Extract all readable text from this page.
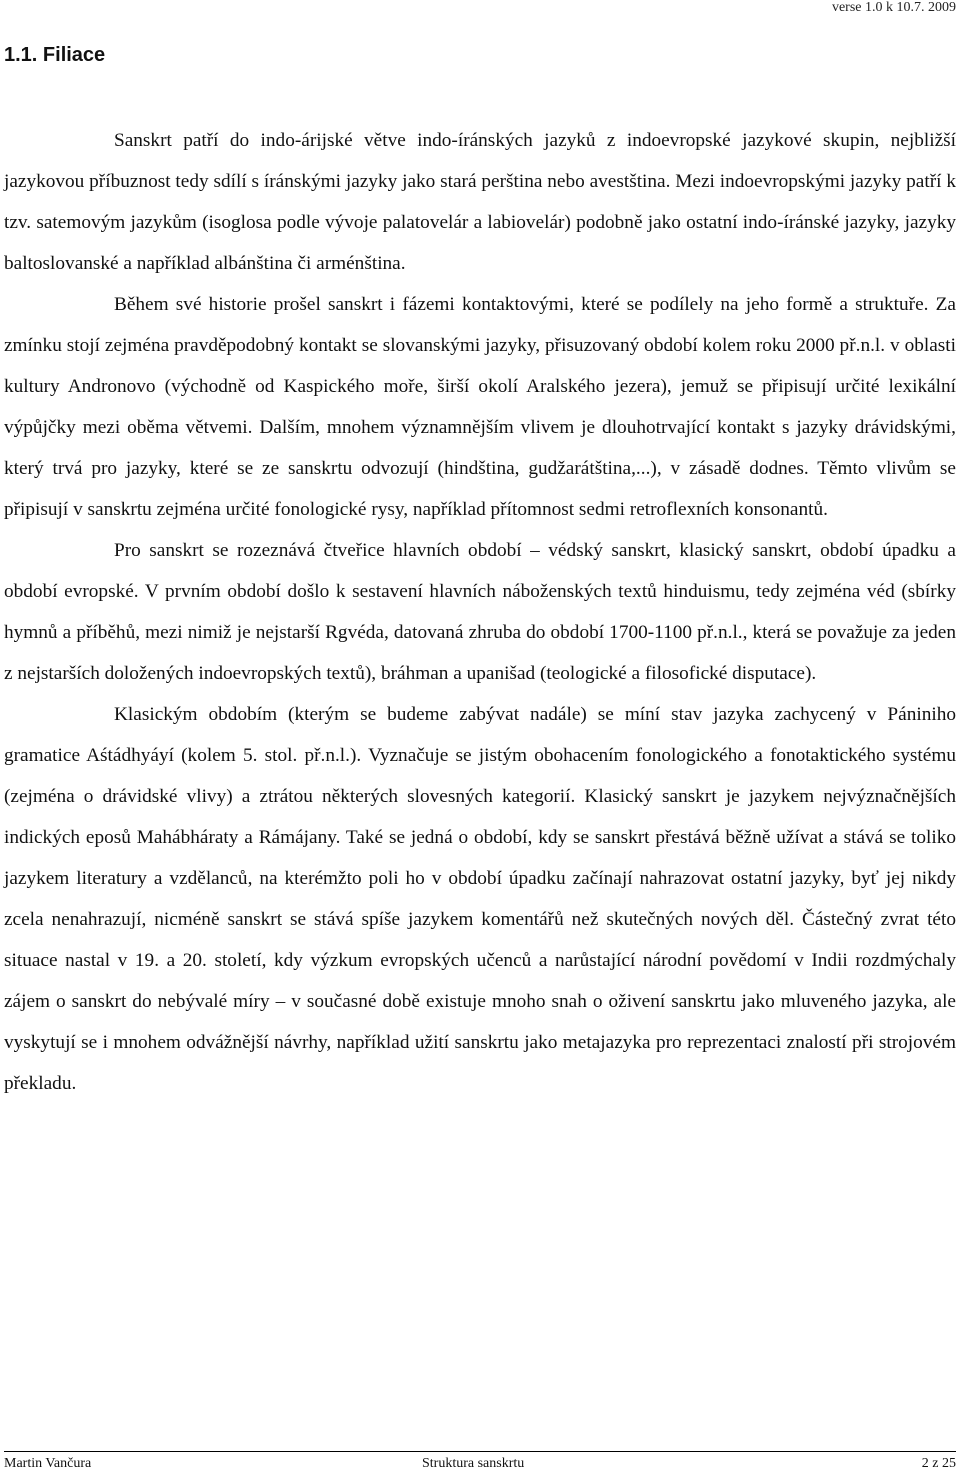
verse 1.0 k 10.7. 2009
1.1. Filiace

Sanskrt patří do indo-árijské větve indo-íránských jazyků z indoevropské jazykové skupin, nejbližší jazykovou příbuznost tedy sdílí s íránskými jazyky jako stará perština nebo avestština. Mezi indoevropskými jazyky patří k tzv. satemovým jazykům (isoglosa podle vývoje palatovelár a labiovelár) podobně jako ostatní indo-íránské jazyky, jazyky baltoslovanské a například albánština či arménština.

Během své historie prošel sanskrt i fázemi kontaktovými, které se podílely na jeho formě a struktuře. Za zmínku stojí zejména pravděpodobný kontakt se slovanskými jazyky, přisuzovaný období kolem roku 2000 př.n.l. v oblasti kultury Andronovo (východně od Kaspického moře, širší okolí Aralského jezera), jemuž se připisují určité lexikální výpůjčky mezi oběma větvemi. Dalším, mnohem významnějším vlivem je dlouhotrvající kontakt s jazyky drávidskými, který trvá pro jazyky, které se ze sanskrtu odvozují (hindština, gudžarátština,...), v zásadě dodnes. Těmto vlivům se připisují v sanskrtu zejména určité fonologické rysy, například přítomnost sedmi retroflexních konsonantů.

Pro sanskrt se rozeznává čtveřice hlavních období – védský sanskrt, klasický sanskrt, období úpadku a období evropské. V prvním období došlo k sestavení hlavních náboženských textů hinduismu, tedy zejména véd (sbírky hymnů a příběhů, mezi nimiž je nejstarší Rgvéda, datovaná zhruba do období 1700-1100 př.n.l., která se považuje za jeden z nejstarších doložených indoevropských textů), bráhman a upanišad (teologické a filosofické disputace).

Klasickým obdobím (kterým se budeme zabývat nadále) se míní stav jazyka zachycený v Pániniho gramatice Aśtádhyáyí (kolem 5. stol. př.n.l.). Vyznačuje se jistým obohacením fonologického a fonotaktického systému (zejména o drávidské vlivy) a ztrátou některých slovesných kategorií. Klasický sanskrt je jazykem nejvýznačnějších indických eposů Mahábháraty a Rámájany. Také se jedná o období, kdy se sanskrt přestává běžně užívat a stává se toliko jazykem literatury a vzdělanců, na kterémžto poli ho v období úpadku začínají nahrazovat ostatní jazyky, byť jej nikdy zcela nenahrazují, nicméně sanskrt se stává spíše jazykem komentářů než skutečných nových děl. Částečný zvrat této situace nastal v 19. a 20. století, kdy výzkum evropských učenců a narůstající národní povědomí v Indii rozdmýchaly zájem o sanskrt do nebývalé míry – v současné době existuje mnoho snah o oživení sanskrtu jako mluveného jazyka, ale vyskytují se i mnohem odvážnější návrhy, například užití sanskrtu jako metajazyka pro reprezentaci znalostí při strojovém překladu.

Martin Vančura	Struktura sanskrtu	2 z 25
